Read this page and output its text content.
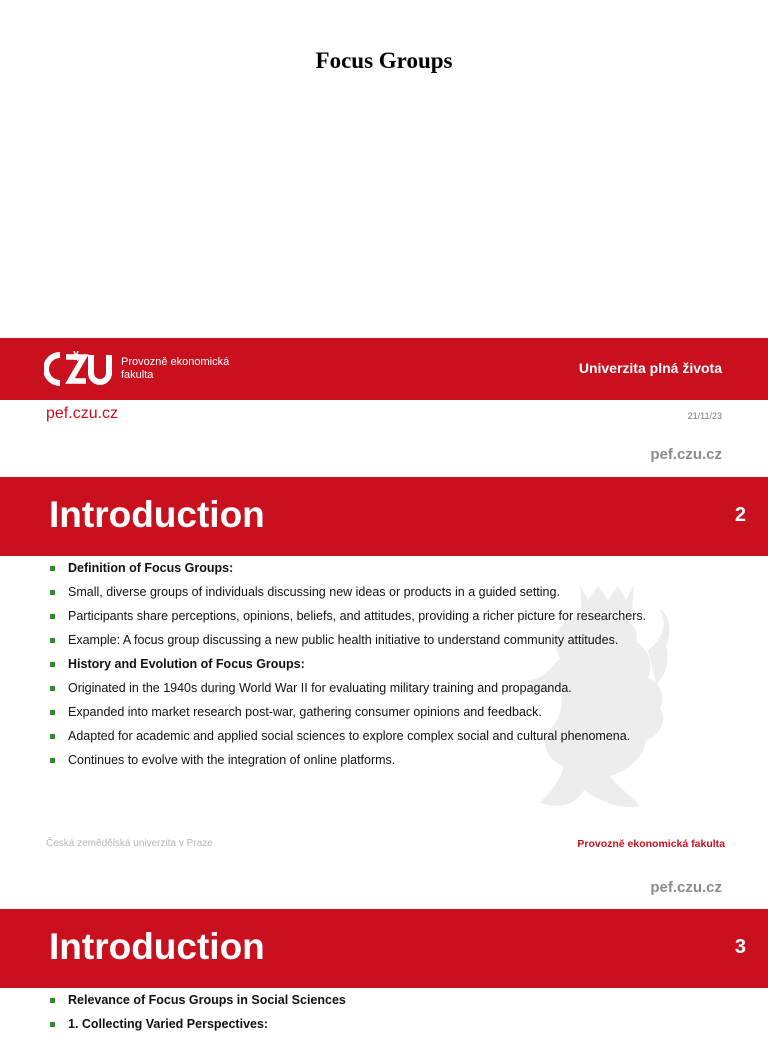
Focus Groups
Provozně ekonomická
fakulta	Univerzita plná života
pef.czu.cz	21/11/23
pef.czu.cz
Introduction	2
Definition of Focus Groups:
Small, diverse groups of individuals discussing new ideas or products in a guided setting.
Participants share perceptions, opinions, beliefs, and attitudes, providing a richer picture for researchers.
Example: A focus group discussing a new public health initiative to understand community attitudes.
History and Evolution of Focus Groups:
Originated in the 1940s during World War II for evaluating military training and propaganda.
Expanded into market research post-war, gathering consumer opinions and feedback.
Adapted for academic and applied social sciences to explore complex social and cultural phenomena.
Continues to evolve with the integration of online platforms.
Česká zemědělská univerzita v Praze	Provozně ekonomická fakulta
pef.czu.cz
Introduction	3
Relevance of Focus Groups in Social Sciences
1. Collecting Varied Perspectives:
